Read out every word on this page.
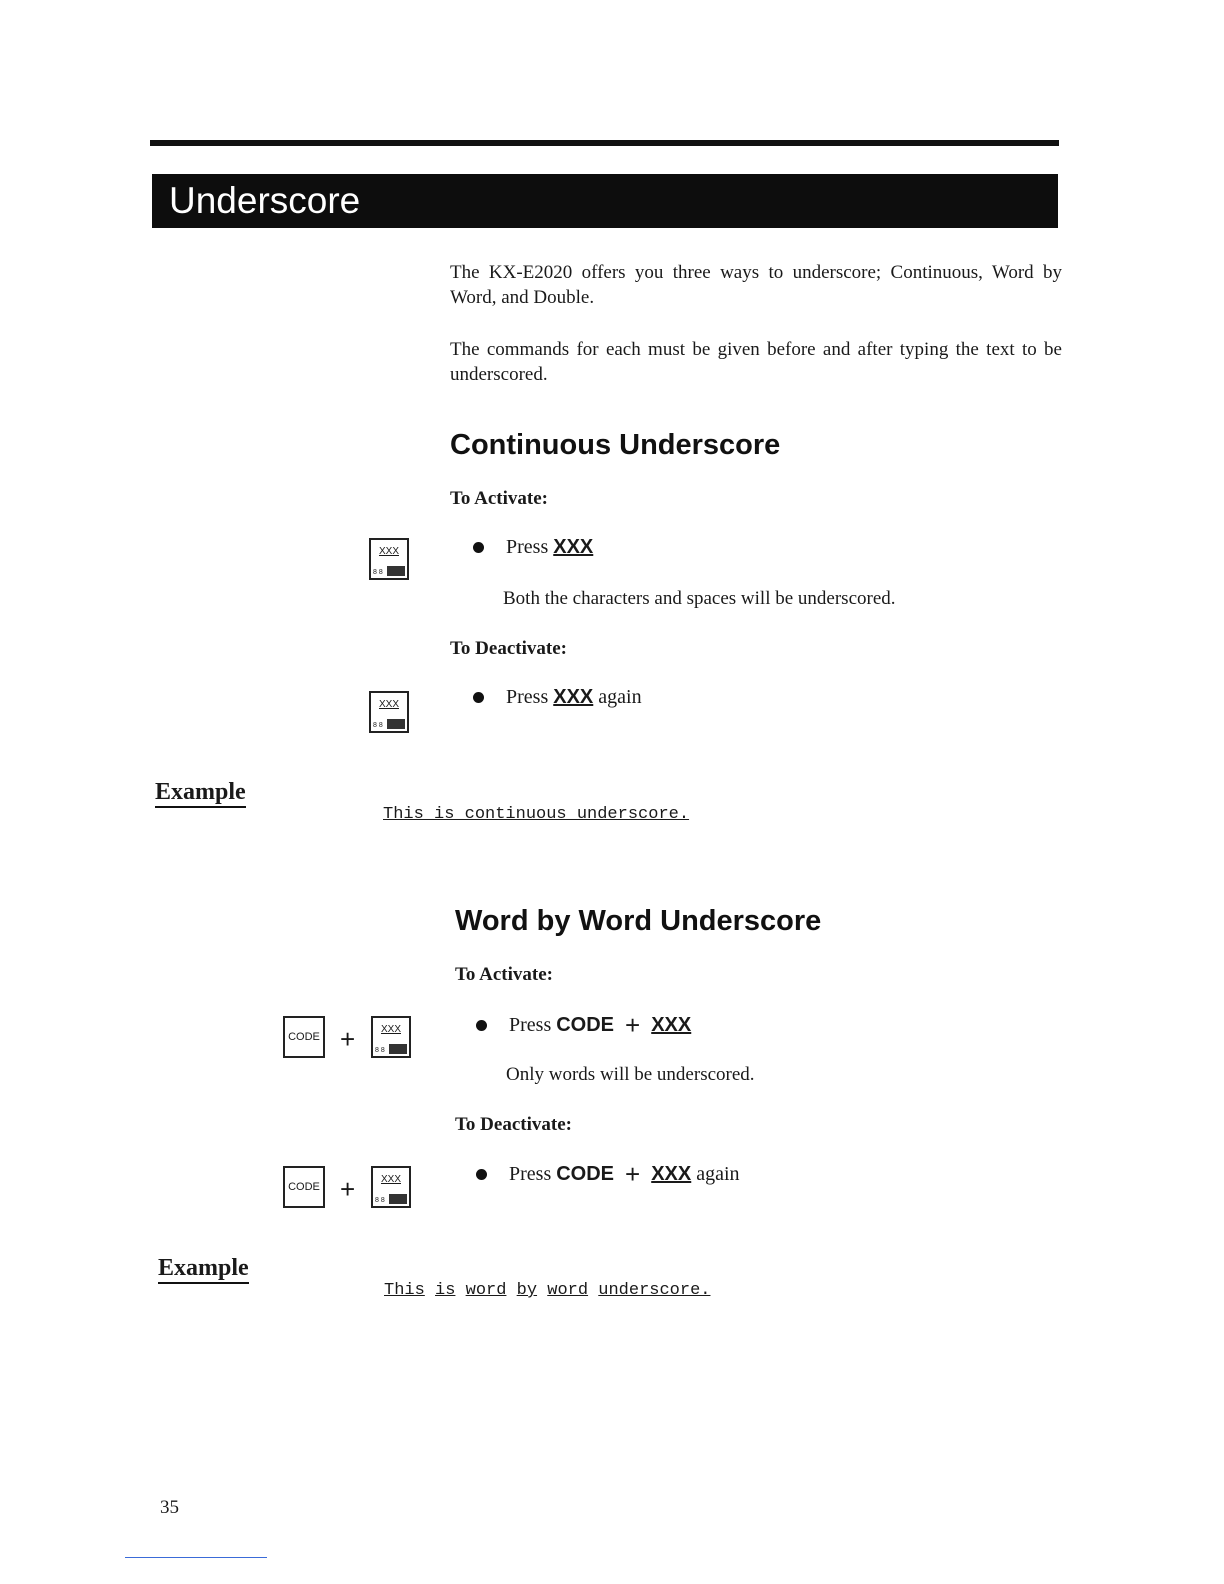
Underscore
The KX-E2020 offers you three ways to underscore; Continuous, Word by Word, and Double.
The commands for each must be given before and after typing the text to be underscored.
Continuous Underscore
To Activate:
XXX
8 8
Press
XXX
Both the characters and spaces will be underscored.
To Deactivate:
XXX
8 8
Press
XXX
again
Example
This is continuous underscore.
Word by Word Underscore
To Activate:
CODE +	XXX
8 8
Press
CODE
+
XXX
Only words will be underscored.
To Deactivate:
CODE +	XXX
8 8
Press
CODE
+
XXX
again
Example
This is word by word underscore.
35
